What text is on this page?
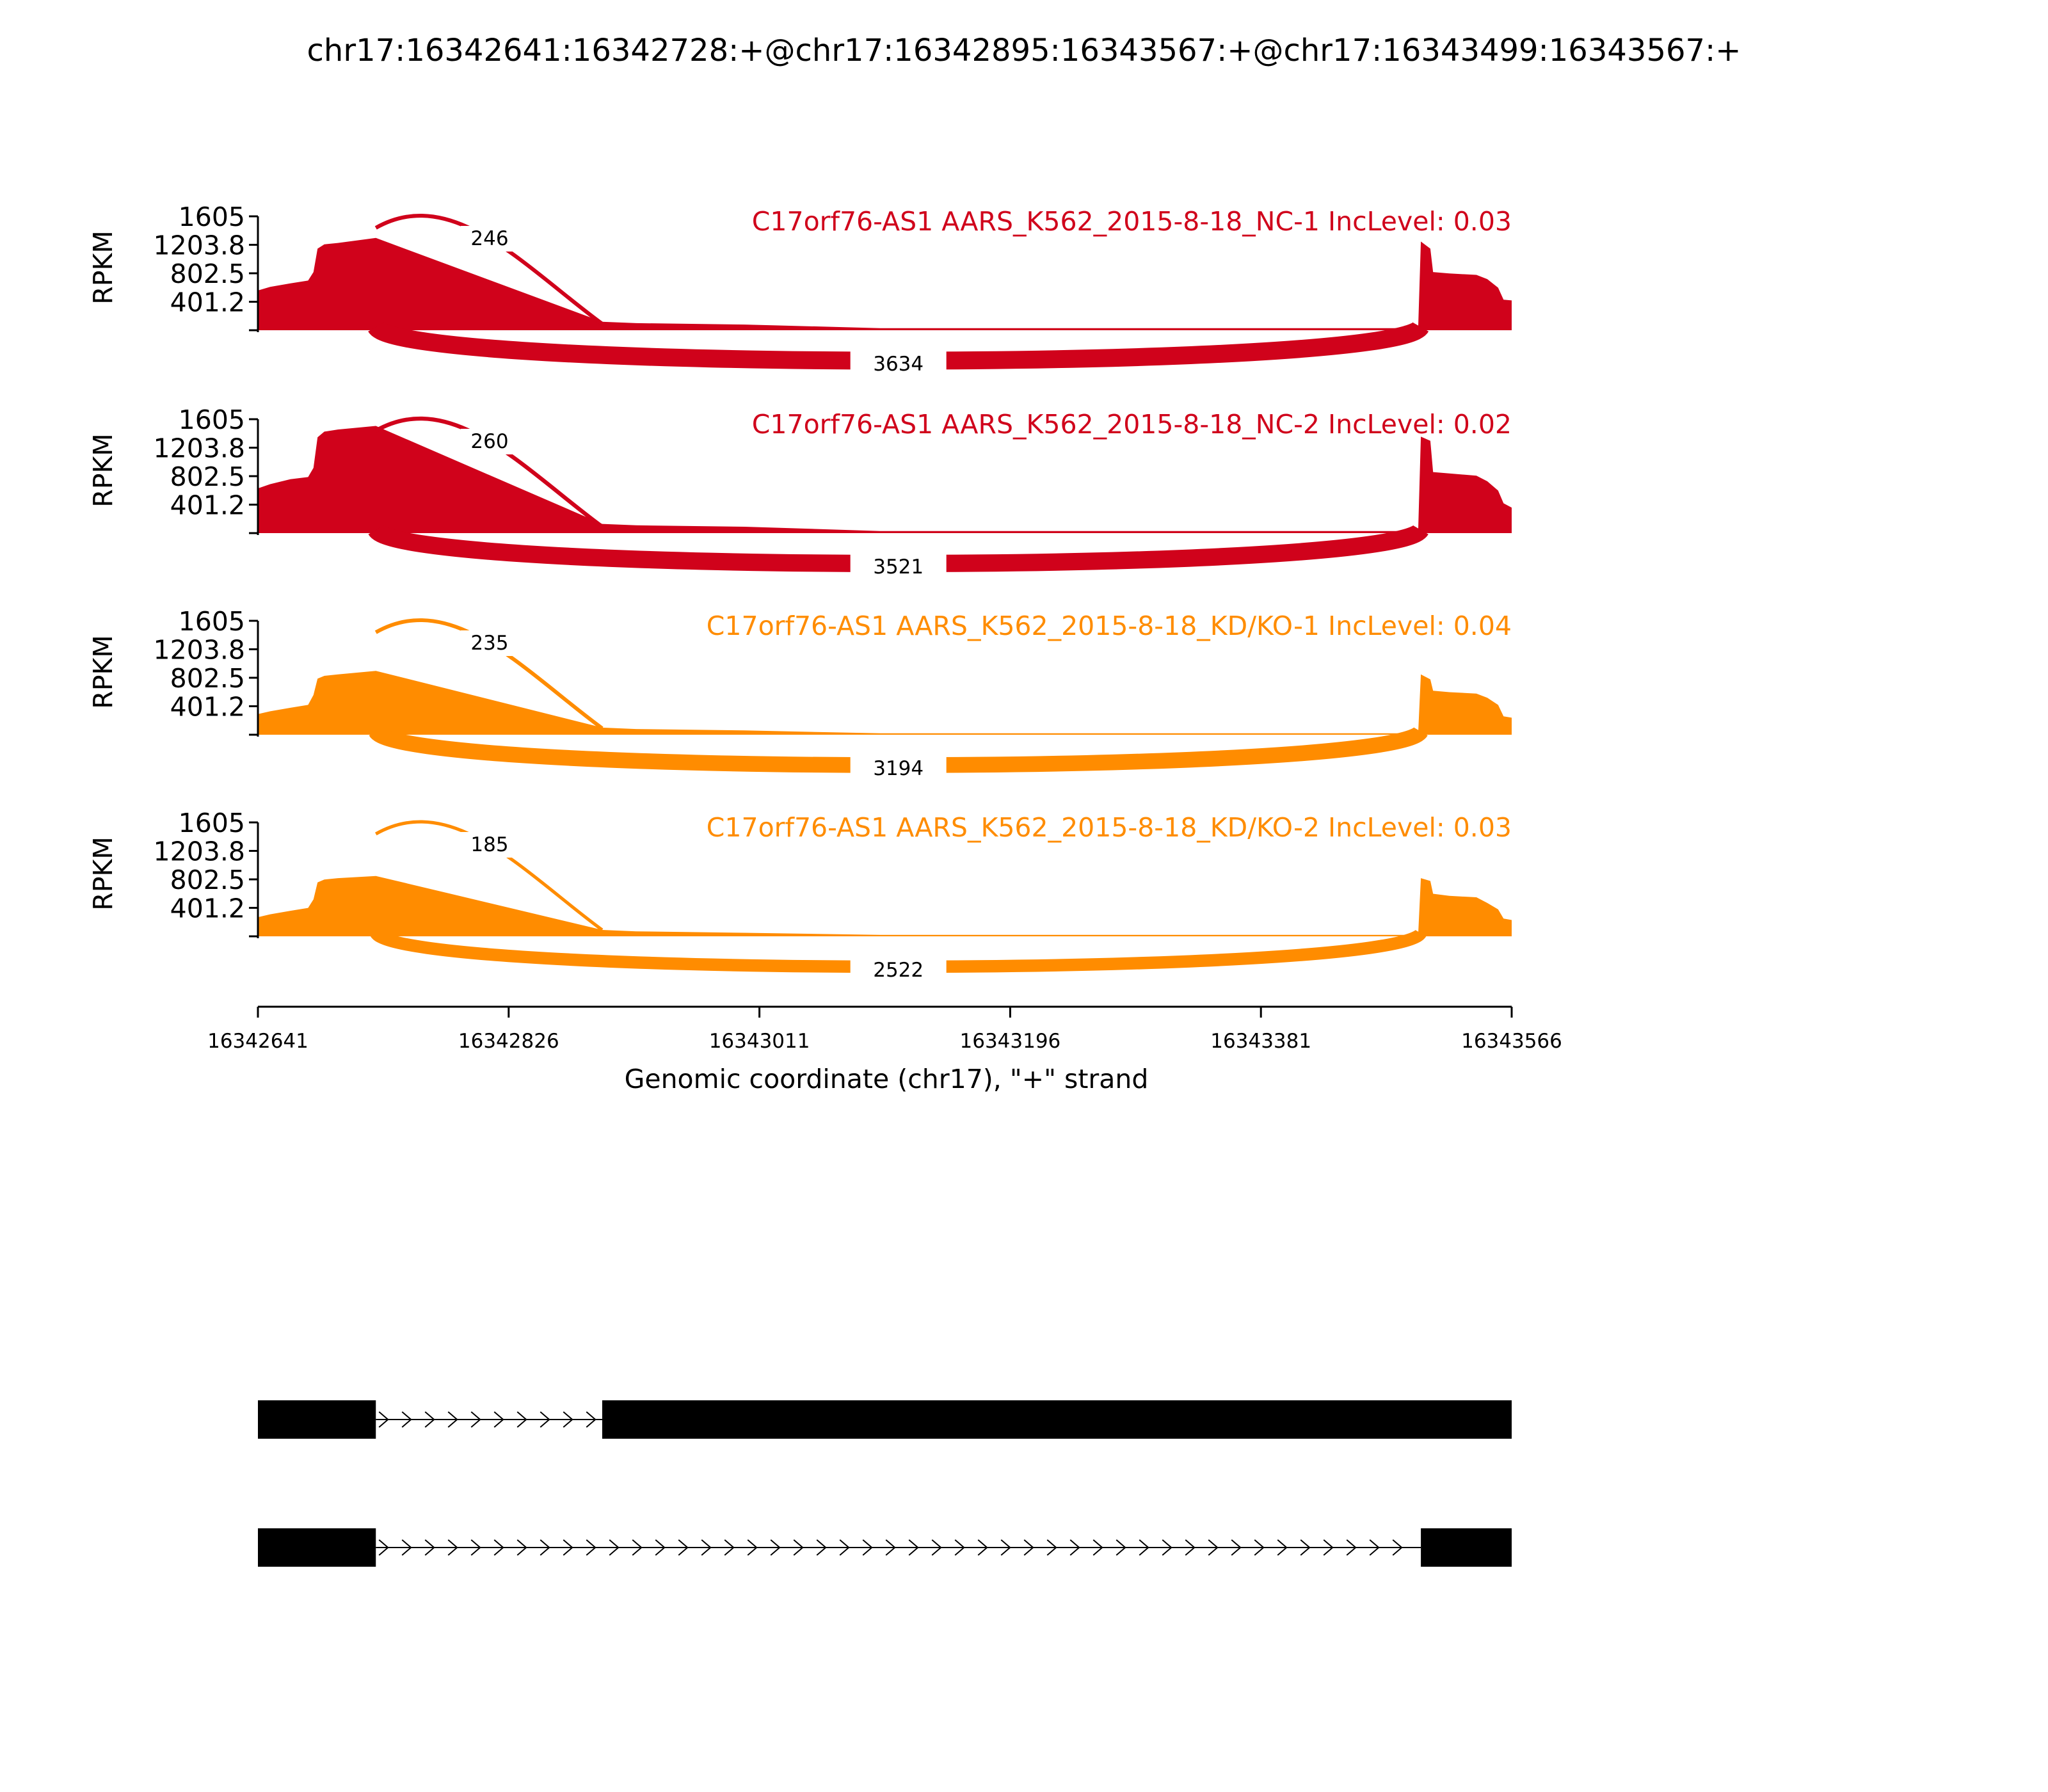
chr17:16342641:16342728:+@chr17:16342895:16343567:+@chr17:16343499:16343567:+
1605
1203.8
802.5
401.2
RPKM
C17orf76-AS1 AARS_K562_2015-8-18_NC-1 IncLevel: 0.03
246
3634
1605
1203.8
802.5
401.2
RPKM
C17orf76-AS1 AARS_K562_2015-8-18_NC-2 IncLevel: 0.02
260
3521
1605
1203.8
802.5
401.2
RPKM
C17orf76-AS1 AARS_K562_2015-8-18_KD/KO-1 IncLevel: 0.04
235
3194
1605
1203.8
802.5
401.2
RPKM
C17orf76-AS1 AARS_K562_2015-8-18_KD/KO-2 IncLevel: 0.03
185
2522
16342641	16342826	16343011	16343196	16343381	16343566
Genomic coordinate (chr17), "+" strand
